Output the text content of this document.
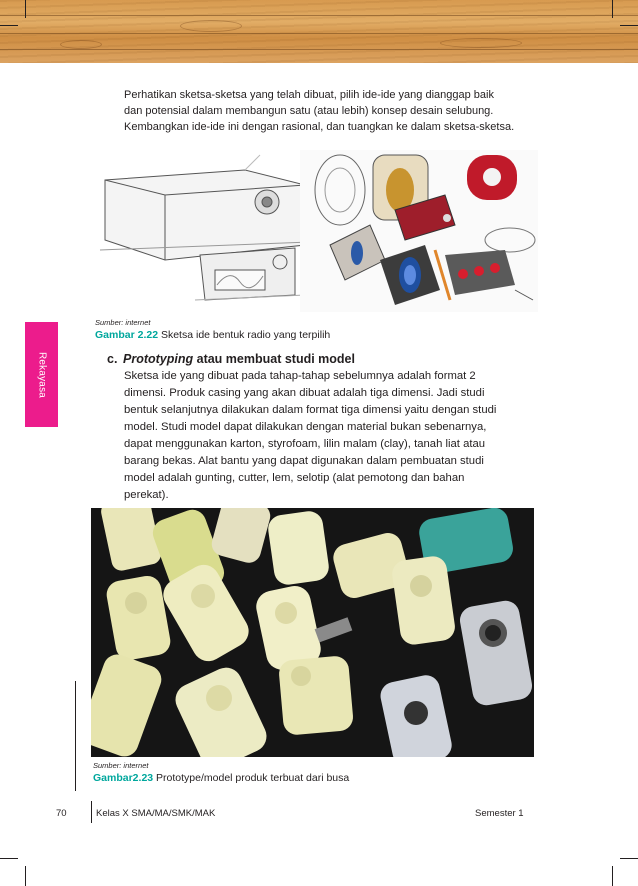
Perhatikan sketsa-sketsa yang telah dibuat, pilih ide-ide yang dianggap baik

dan potensial dalam membangun satu (atau lebih) konsep desain selubung.

Kembangkan ide-ide ini dengan rasional, dan tuangkan ke dalam sketsa-sketsa.

Sumber: internet
Gambar 2.22 Sketsa ide bentuk radio yang terpilih
Rekayasa	c. Prototyping atau membuat studi model

Sketsa ide yang dibuat pada tahap-tahap sebelumnya adalah format 2

dimensi. Produk casing yang akan dibuat adalah tiga dimensi. Jadi studi

bentuk selanjutnya dilakukan dalam format tiga dimensi yaitu dengan studi

model. Studi model dapat dilakukan dengan material bukan sebenarnya,

dapat menggunakan karton, styrofoam, lilin malam (clay), tanah liat atau

barang bekas. Alat bantu yang dapat digunakan dalam pembuatan studi

model adalah gunting, cutter, lem, selotip (alat pemotong dan bahan

perekat).

Sumber: internet
Gambar2.23 Prototype/model produk terbuat dari busa
70	Kelas X SMA/MA/SMK/MAK	Semester 1
